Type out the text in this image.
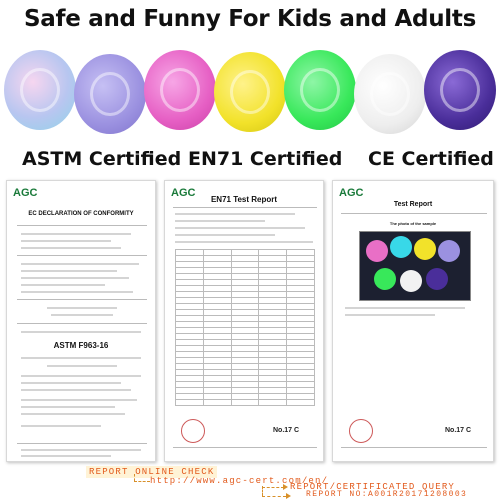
Safe and Funny For Kids and Adults
ASTM Certified EN71 Certified CE Certified
AGC
EC DECLARATION OF CONFORMITY
ASTM F963-16
AGC
EN71 Test Report

No.17 C
AGC
Test Report
The photo of the sample
No.17 C
REPORT ONLINE CHECK
http://www.agc-cert.com/en/
REPORT/CERTIFICATED QUERY
REPORT NO:A001R20171208003
